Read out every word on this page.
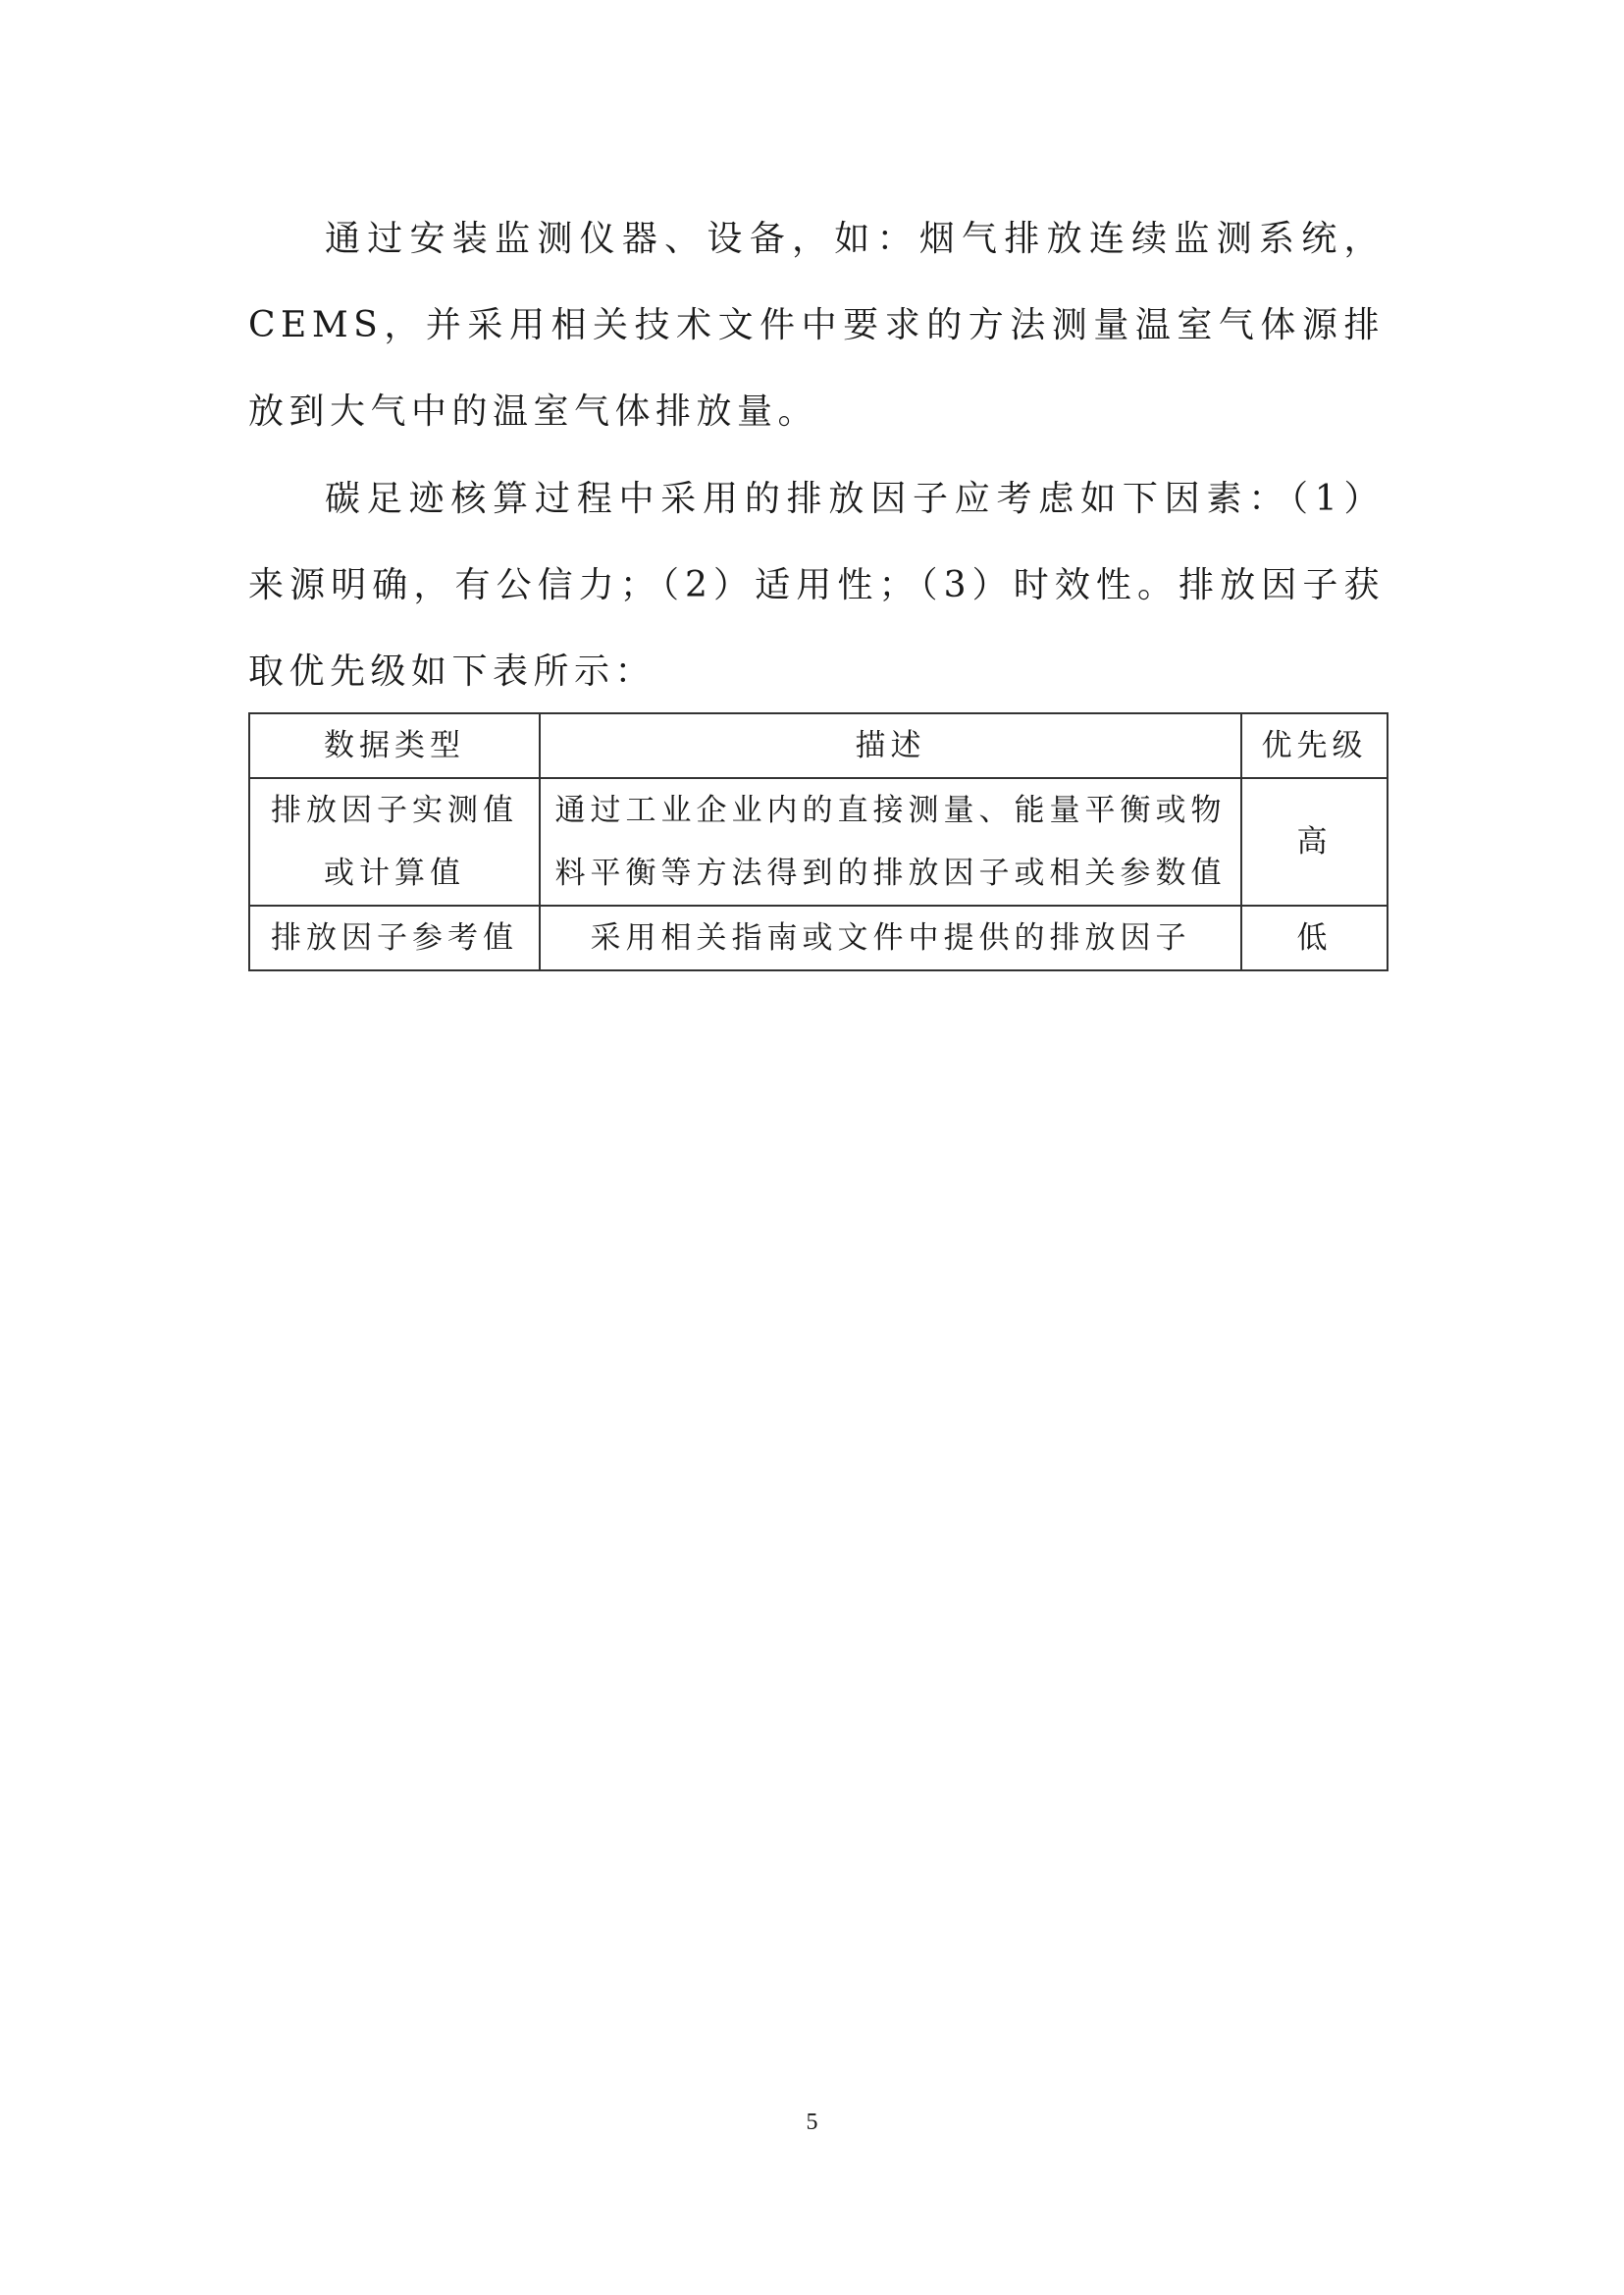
通过安装监测仪器、设备，如：烟气排放连续监测系统，CEMS，并采用相关技术文件中要求的方法测量温室气体源排放到大气中的温室气体排放量。

碳足迹核算过程中采用的排放因子应考虑如下因素：（1）来源明确，有公信力；（2）适用性；（3）时效性。排放因子获取优先级如下表所示：

数据类型	描述	优先级
排放因子实测值或计算值	通过工业企业内的直接测量、能量平衡或物料平衡等方法得到的排放因子或相关参数值	高
排放因子参考值	采用相关指南或文件中提供的排放因子	低
5
